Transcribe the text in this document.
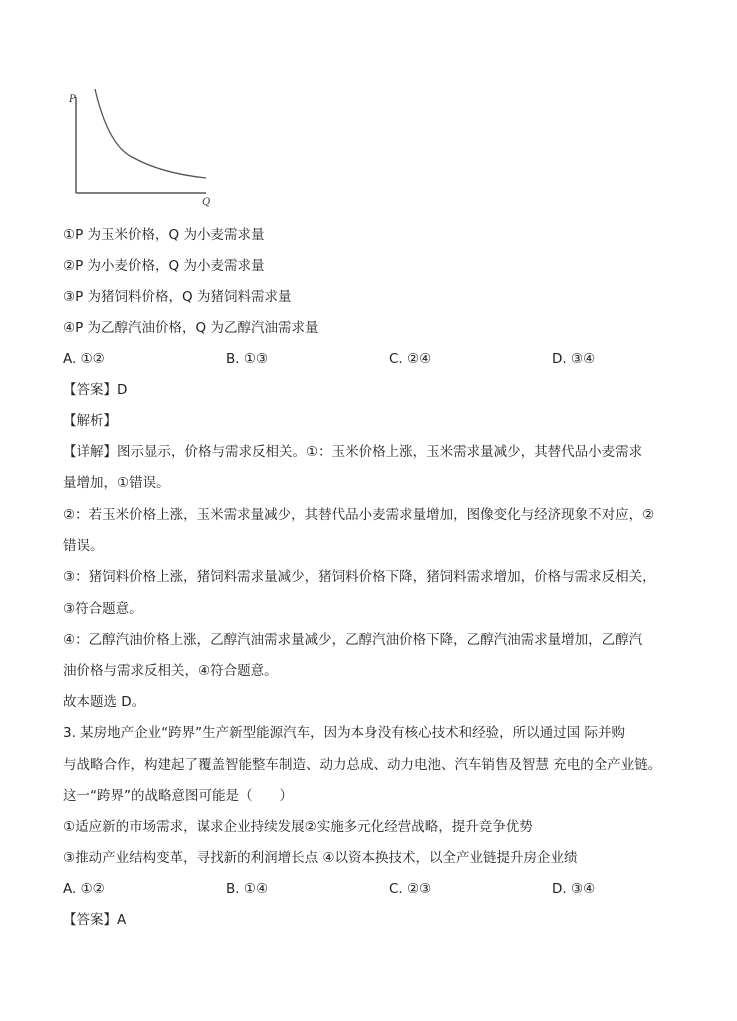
P
Q
①P 为玉米价格，Q 为小麦需求量
②P 为小麦价格，Q 为小麦需求量
③P 为猪饲料价格，Q 为猪饲料需求量
④P 为乙醇汽油价格，Q 为乙醇汽油需求量
A. ①②	B. ①③	C. ②④	D. ③④
【答案】D
【解析】
【详解】图示显示，价格与需求反相关。①：玉米价格上涨，玉米需求量减少，其替代品小麦需求
量增加，①错误。
②：若玉米价格上涨，玉米需求量减少，其替代品小麦需求量增加，图像变化与经济现象不对应，②
错误。
③：猪饲料价格上涨，猪饲料需求量减少，猪饲料价格下降，猪饲料需求增加，价格与需求反相关，
③符合题意。
④：乙醇汽油价格上涨，乙醇汽油需求量减少，乙醇汽油价格下降，乙醇汽油需求量增加，乙醇汽
油价格与需求反相关，④符合题意。
故本题选 D。
3. 某房地产企业“跨界”生产新型能源汽车，因为本身没有核心技术和经验，所以通过国 际并购
与战略合作，构建起了覆盖智能整车制造、动力总成、动力电池、汽车销售及智慧 充电的全产业链。
这一“跨界”的战略意图可能是（　　）
①适应新的市场需求，谋求企业持续发展②实施多元化经营战略，提升竞争优势
③推动产业结构变革，寻找新的利润增长点 ④以资本换技术，以全产业链提升房企业绩
A. ①②	B. ①④	C. ②③	D. ③④
【答案】A
